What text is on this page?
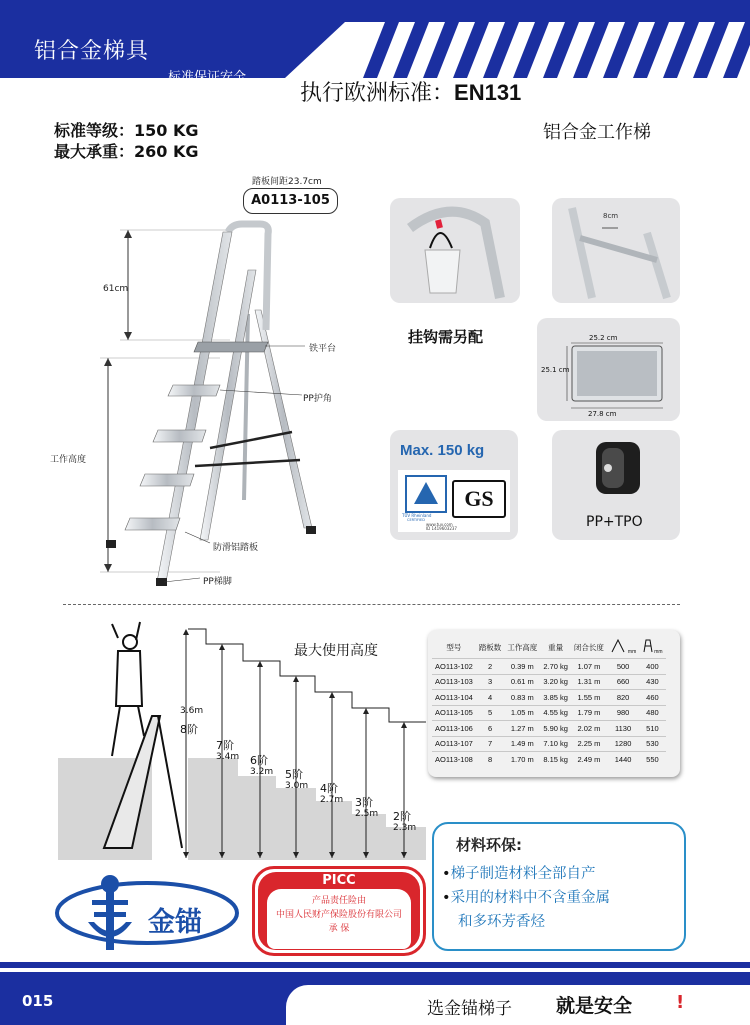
铝合金梯具
标准保证安全
执行欧洲标准：EN131
标准等级：150 KG
最大承重：260 KG
铝合金工作梯
踏板间距23.7cm
A0113-105
61cm
工作高度
铁平台
PP护角
防滑铝踏板
PP梯脚
8cm
挂钩需另配	25.2 cm
25.1 cm
27.8 cm
Max. 150 kg
TÜV Rheinland
CERTIFIED
GS
www.tuv.com
ID 1419603237	PP+TPO
最大使用高度
8阶
3.6m
7阶
3.4m 6阶
3.2m 5阶
3.0m 4阶
2.7m 3阶
2.5m 2阶
2.3m
型号	踏板数	工作高度	重量	闭合长度	mm	mm
AO113-102	2	0.39 m	2.70 kg	1.07 m	500	400
AO113-103	3	0.61 m	3.20 kg	1.31 m	660	430
AO113-104	4	0.83 m	3.85 kg	1.55 m	820	460
AO113-105	5	1.05 m	4.55 kg	1.79 m	980	480
AO113-106	6	1.27 m	5.90 kg	2.02 m	1130	510
AO113-107	7	1.49 m	7.10 kg	2.25 m	1280	530
AO113-108	8	1.70 m	8.15 kg	2.49 m	1440	550
材料环保:
•梯子制造材料全部自产
•采用的材料中不含重金属
和多环芳香烃
金锚
PICC
产品责任险由
中国人民财产保险股份有限公司
承 保
015	选金锚梯子 就是安全 !
